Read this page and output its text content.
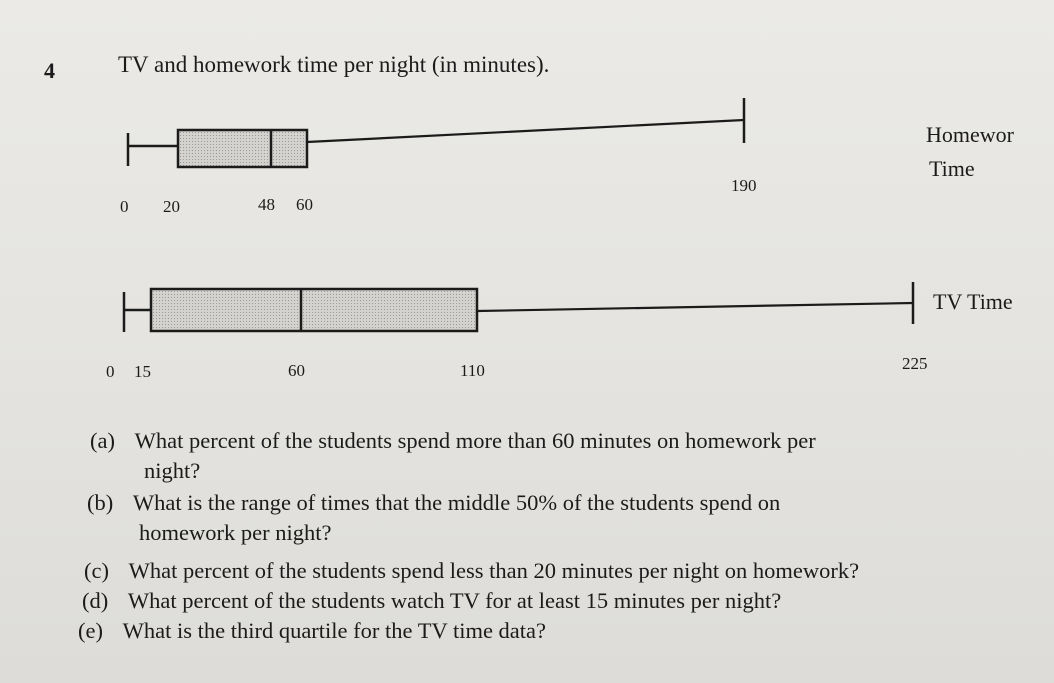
4	TV and homework time per night (in minutes).
0 20	48 60
190
Homewor
Time
0 15	60	110	225
TV Time
(a) What percent of the students spend more than 60 minutes on homework per
night?
(b) What is the range of times that the middle 50% of the students spend on
homework per night?
(c) What percent of the students spend less than 20 minutes per night on homework?
(d) What percent of the students watch TV for at least 15 minutes per night?
(e) What is the third quartile for the TV time data?
